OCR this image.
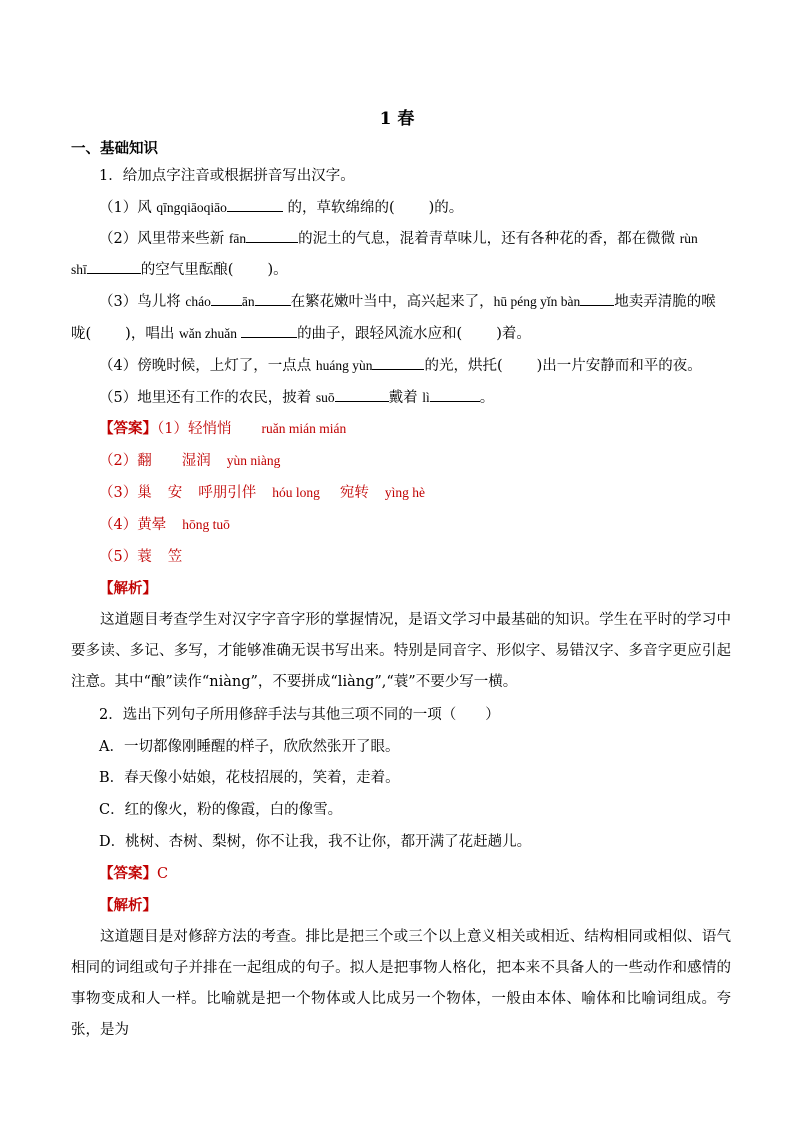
1 春
一、基础知识
1．给加点字注音或根据拼音写出汉字。
（1）风 qīngqiāoqiāo	的，草软绵绵的( )的。
（2）风里带来些新 fān	的泥土的气息，混着青草味儿，还有各种花的香，都在微微 rùn
shī	的空气里酝酿( )。
（3）鸟儿将 cháo ān 在繁花嫩叶当中，高兴起来了，hū péng yǐn bàn 地卖弄清脆的喉
咙( )，唱出 wǎn zhuǎn	的曲子，跟轻风流水应和( )着。
（4）傍晚时候，上灯了，一点点 huáng yùn	的光，烘托( )出一片安静而和平的夜。
（5）地里还有工作的农民，披着 suō	戴着 lì	。
【答案】（1）轻悄悄 ruǎn mián mián
（2）翻 湿润 yùn niàng
（3）巢 安 呼朋引伴 hóu long 宛转 yìng hè
（4）黄晕 hōng tuō
（5）蓑 笠
【解析】
这道题目考查学生对汉字字音字形的掌握情况，是语文学习中最基础的知识。学生在平时的学习中要多读、多记、多写，才能够准确无误书写出来。特别是同音字、形似字、易错汉字、多音字更应引起注意。其中“酿”读作“niàng”，不要拼成“liàng”,“蓑”不要少写一横。
2．选出下列句子所用修辞手法与其他三项不同的一项（　　）
A．一切都像刚睡醒的样子，欣欣然张开了眼。
B．春天像小姑娘，花枝招展的，笑着，走着。
C．红的像火，粉的像霞，白的像雪。
D．桃树、杏树、梨树，你不让我，我不让你，都开满了花赶趟儿。
【答案】C
【解析】
这道题目是对修辞方法的考查。排比是把三个或三个以上意义相关或相近、结构相同或相似、语气相同的词组或句子并排在一起组成的句子。拟人是把事物人格化，把本来不具备人的一些动作和感情的事物变成和人一样。比喻就是把一个物体或人比成另一个物体，一般由本体、喻体和比喻词组成。夸张，是为
